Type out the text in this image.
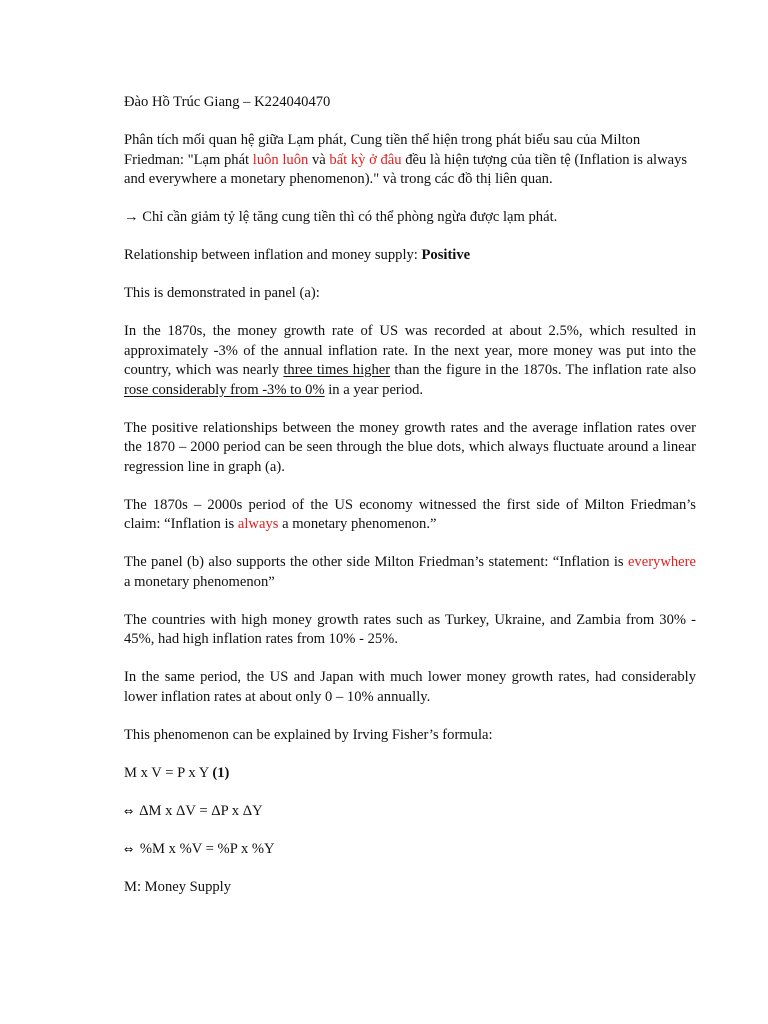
Đào Hồ Trúc Giang – K224040470

Phân tích mối quan hệ giữa Lạm phát, Cung tiền thể hiện trong phát biểu sau của Milton Friedman: "Lạm phát luôn luôn và bất kỳ ở đâu đều là hiện tượng của tiền tệ (Inflation is always and everywhere a monetary phenomenon)." và trong các đồ thị liên quan.

→ Chỉ cần giảm tỷ lệ tăng cung tiền thì có thể phòng ngừa được lạm phát.

Relationship between inflation and money supply: Positive

This is demonstrated in panel (a):

In the 1870s, the money growth rate of US was recorded at about 2.5%, which resulted in approximately -3% of the annual inflation rate. In the next year, more money was put into the country, which was nearly three times higher than the figure in the 1870s. The inflation rate also rose considerably from -3% to 0% in a year period.

The positive relationships between the money growth rates and the average inflation rates over the 1870 – 2000 period can be seen through the blue dots, which always fluctuate around a linear regression line in graph (a).

The 1870s – 2000s period of the US economy witnessed the first side of Milton Friedman’s claim: “Inflation is always a monetary phenomenon.”

The panel (b) also supports the other side Milton Friedman’s statement: “Inflation is everywhere a monetary phenomenon”

The countries with high money growth rates such as Turkey, Ukraine, and Zambia from 30% - 45%, had high inflation rates from 10% - 25%.

In the same period, the US and Japan with much lower money growth rates, had considerably lower inflation rates at about only 0 – 10% annually.

This phenomenon can be explained by Irving Fisher’s formula:

M x V = P x Y (1)

⇔ ΔM x ΔV = ΔP x ΔY

⇔ %M x %V = %P x %Y

M: Money Supply
